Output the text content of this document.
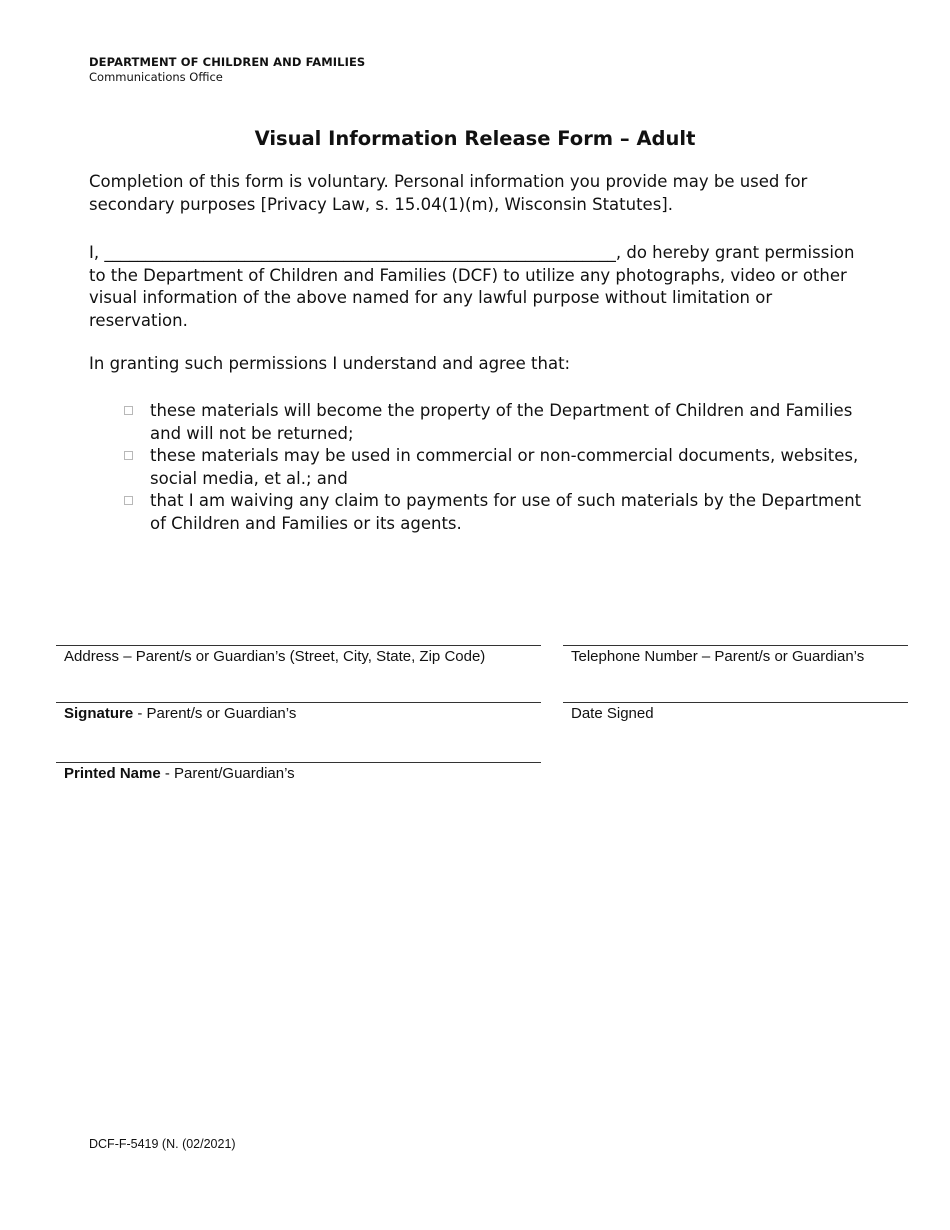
DEPARTMENT OF CHILDREN AND FAMILIES
Communications Office
Visual Information Release Form – Adult
Completion of this form is voluntary. Personal information you provide may be used for secondary purposes [Privacy Law, s. 15.04(1)(m), Wisconsin Statutes].
I, ______________________________________________________________, do hereby grant permission to the Department of Children and Families (DCF) to utilize any photographs, video or other visual information of the above named for any lawful purpose without limitation or reservation.
In granting such permissions I understand and agree that:
these materials will become the property of the Department of Children and Families and will not be returned;
these materials may be used in commercial or non-commercial documents, websites, social media, et al.; and
that I am waiving any claim to payments for use of such materials by the Department of Children and Families or its agents.
Address – Parent/s or Guardian’s (Street, City, State, Zip Code)	Telephone Number – Parent/s or Guardian’s
Signature - Parent/s or Guardian’s	Date Signed
Printed Name - Parent/Guardian’s
DCF-F-5419 (N. (02/2021)
